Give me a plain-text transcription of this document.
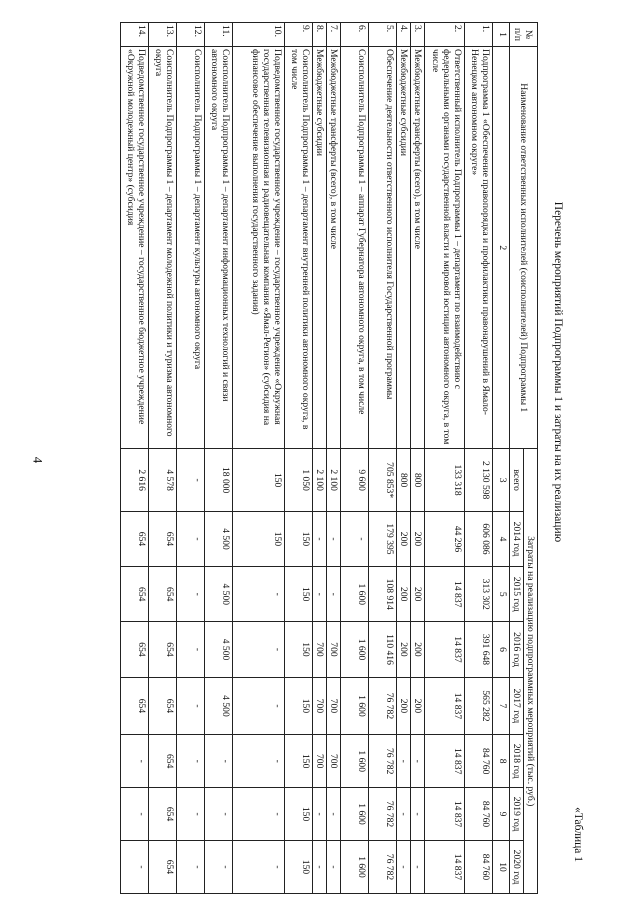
4
«Таблица 1
Перечень мероприятий Подпрограммы 1 и затраты на их реализацию
№ п/п	Наименование ответственных исполнителей (соисполнителей) Подпрограммы 1	Затраты на реализацию подпрограммных мероприятий (тыс. руб.)							
		всего	2014 год	2015 год	2016 год	2017 год	2018 год	2019 год	2020 год
1	2	3	4	5	6	7	8	9	10
1.	Подпрограмма 1 «Обеспечение правопорядка и профилактики правонарушений в Ямало-Ненецком автономном округе»	2 130 598	606 086	313 302	391 648	565 282	84 760	84 760	84 760
2.	Ответственный исполнитель Подпрограммы 1 – департамент по взаимодействию с федеральными органами государственной власти и мировой юстиции автономного округа, в том числе	133 318	44 296	14 837	14 837	14 837	14 837	14 837	14 837
3.	Межбюджетные трансферты (всего), в том числе	800	200	200	200	200	-	-	-
4.	Межбюджетные субсидии	800	200	200	200	200	-	-	-
5.	Обеспечение деятельности ответственного исполнителя Государственной программы	705 853*	179 395	108 914	110 416	76 782	76 782	76 782	76 782
6.	Соисполнитель Подпрограммы 1 – аппарат Губернатора автономного округа, в том числе	9 600	-	1 600	1 600	1 600	1 600	1 600	1 600
7.	Межбюджетные трансферты (всего), в том числе	2 100	-	-	700	700	700	-	-
8.	Межбюджетные субсидии	2 100	-	-	700	700	700	-	-
9.	Соисполнитель Подпрограммы 1 – департамент внутренней политики автономного округа, в том числе	1 050	150	150	150	150	150	150	150
10.	Подведомственное государственное учреждение – государственное учреждение «Окружная государственная телевизионная и радиовещательная компания «Ямал-Регион» (субсидия на финансовое обеспечение выполнения государственного задания)	150	150	-	-	-	-	-	-
11.	Соисполнитель Подпрограммы 1 – департамент информационных технологий и связи автономного округа	18 000	4 500	4 500	4 500	4 500	-	-	-
12.	Соисполнитель Подпрограммы 1 – департамент культуры автономного округа	-	-	-	-	-	-	-	-
13.	Соисполнитель Подпрограммы 1 – департамент молодежной политики и туризма автономного округа	4 578	654	654	654	654	654	654	654
14.	Подведомственное государственное учреждение – государственное бюджетное учреждение «Окружной молодежный центр» (субсидия	2 616	654	654	654	654	-	-	-
